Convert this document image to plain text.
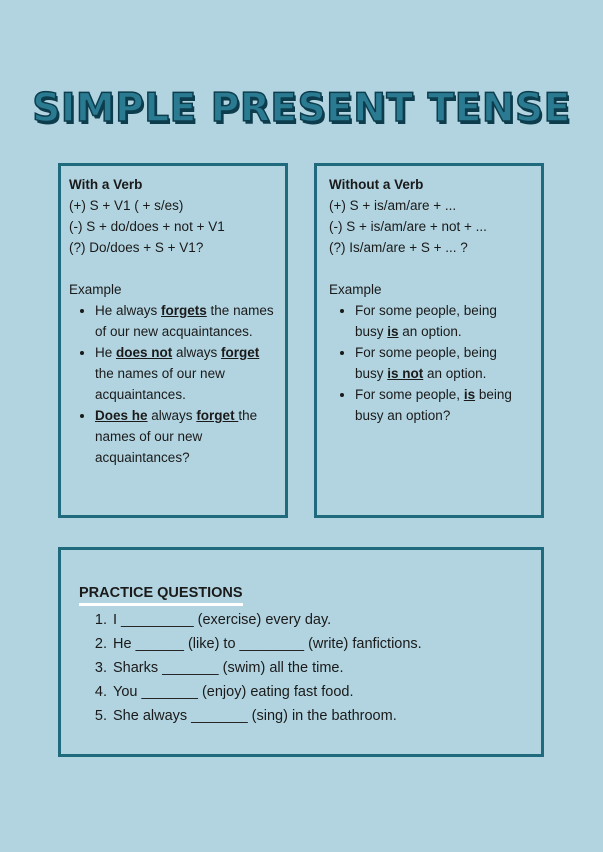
SIMPLE PRESENT TENSE
With a Verb
(+) S + V1 ( + s/es)
(-) S + do/does + not + V1
(?) Do/does + S + V1?
Example
• He always forgets the names of our new acquaintances.
• He does not always forget the names of our new acquaintances.
• Does he always forget the names of our new acquaintances?
Without a Verb
(+) S + is/am/are + ...
(-) S + is/am/are + not + ...
(?) Is/am/are + S + ... ?
Example
• For some people, being busy is an option.
• For some people, being busy is not an option.
• For some people, is being busy an option?
PRACTICE QUESTIONS
1. I _________ (exercise) every day.
2. He ______ (like) to ________ (write) fanfictions.
3. Sharks _______ (swim) all the time.
4. You _______ (enjoy) eating fast food.
5. She always _______ (sing) in the bathroom.
